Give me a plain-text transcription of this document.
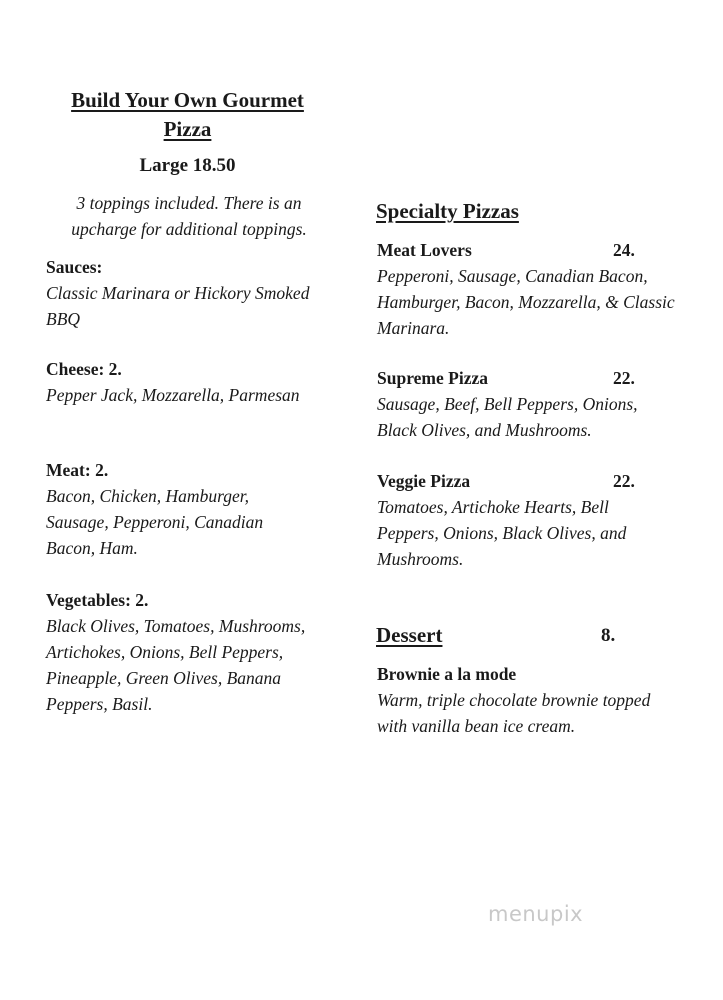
Build Your Own Gourmet
Pizza
Large 18.50
3 toppings included. There is an upcharge for additional toppings.
Sauces:
Classic Marinara or Hickory Smoked BBQ
Cheese: 2.
Pepper Jack, Mozzarella, Parmesan
Meat: 2.
Bacon, Chicken, Hamburger, Sausage, Pepperoni, Canadian Bacon, Ham.
Vegetables: 2.
Black Olives, Tomatoes, Mushrooms, Artichokes, Onions, Bell Peppers, Pineapple, Green Olives, Banana Peppers, Basil.
Specialty Pizzas
Meat Lovers	24.
Pepperoni, Sausage, Canadian Bacon, Hamburger, Bacon, Mozzarella, & Classic Marinara.
Supreme Pizza	22.
Sausage, Beef, Bell Peppers, Onions, Black Olives, and Mushrooms.
Veggie Pizza	22.
Tomatoes, Artichoke Hearts, Bell Peppers, Onions, Black Olives, and Mushrooms.
Dessert	8.
Brownie a la mode
Warm, triple chocolate brownie topped with vanilla bean ice cream.
menupix
